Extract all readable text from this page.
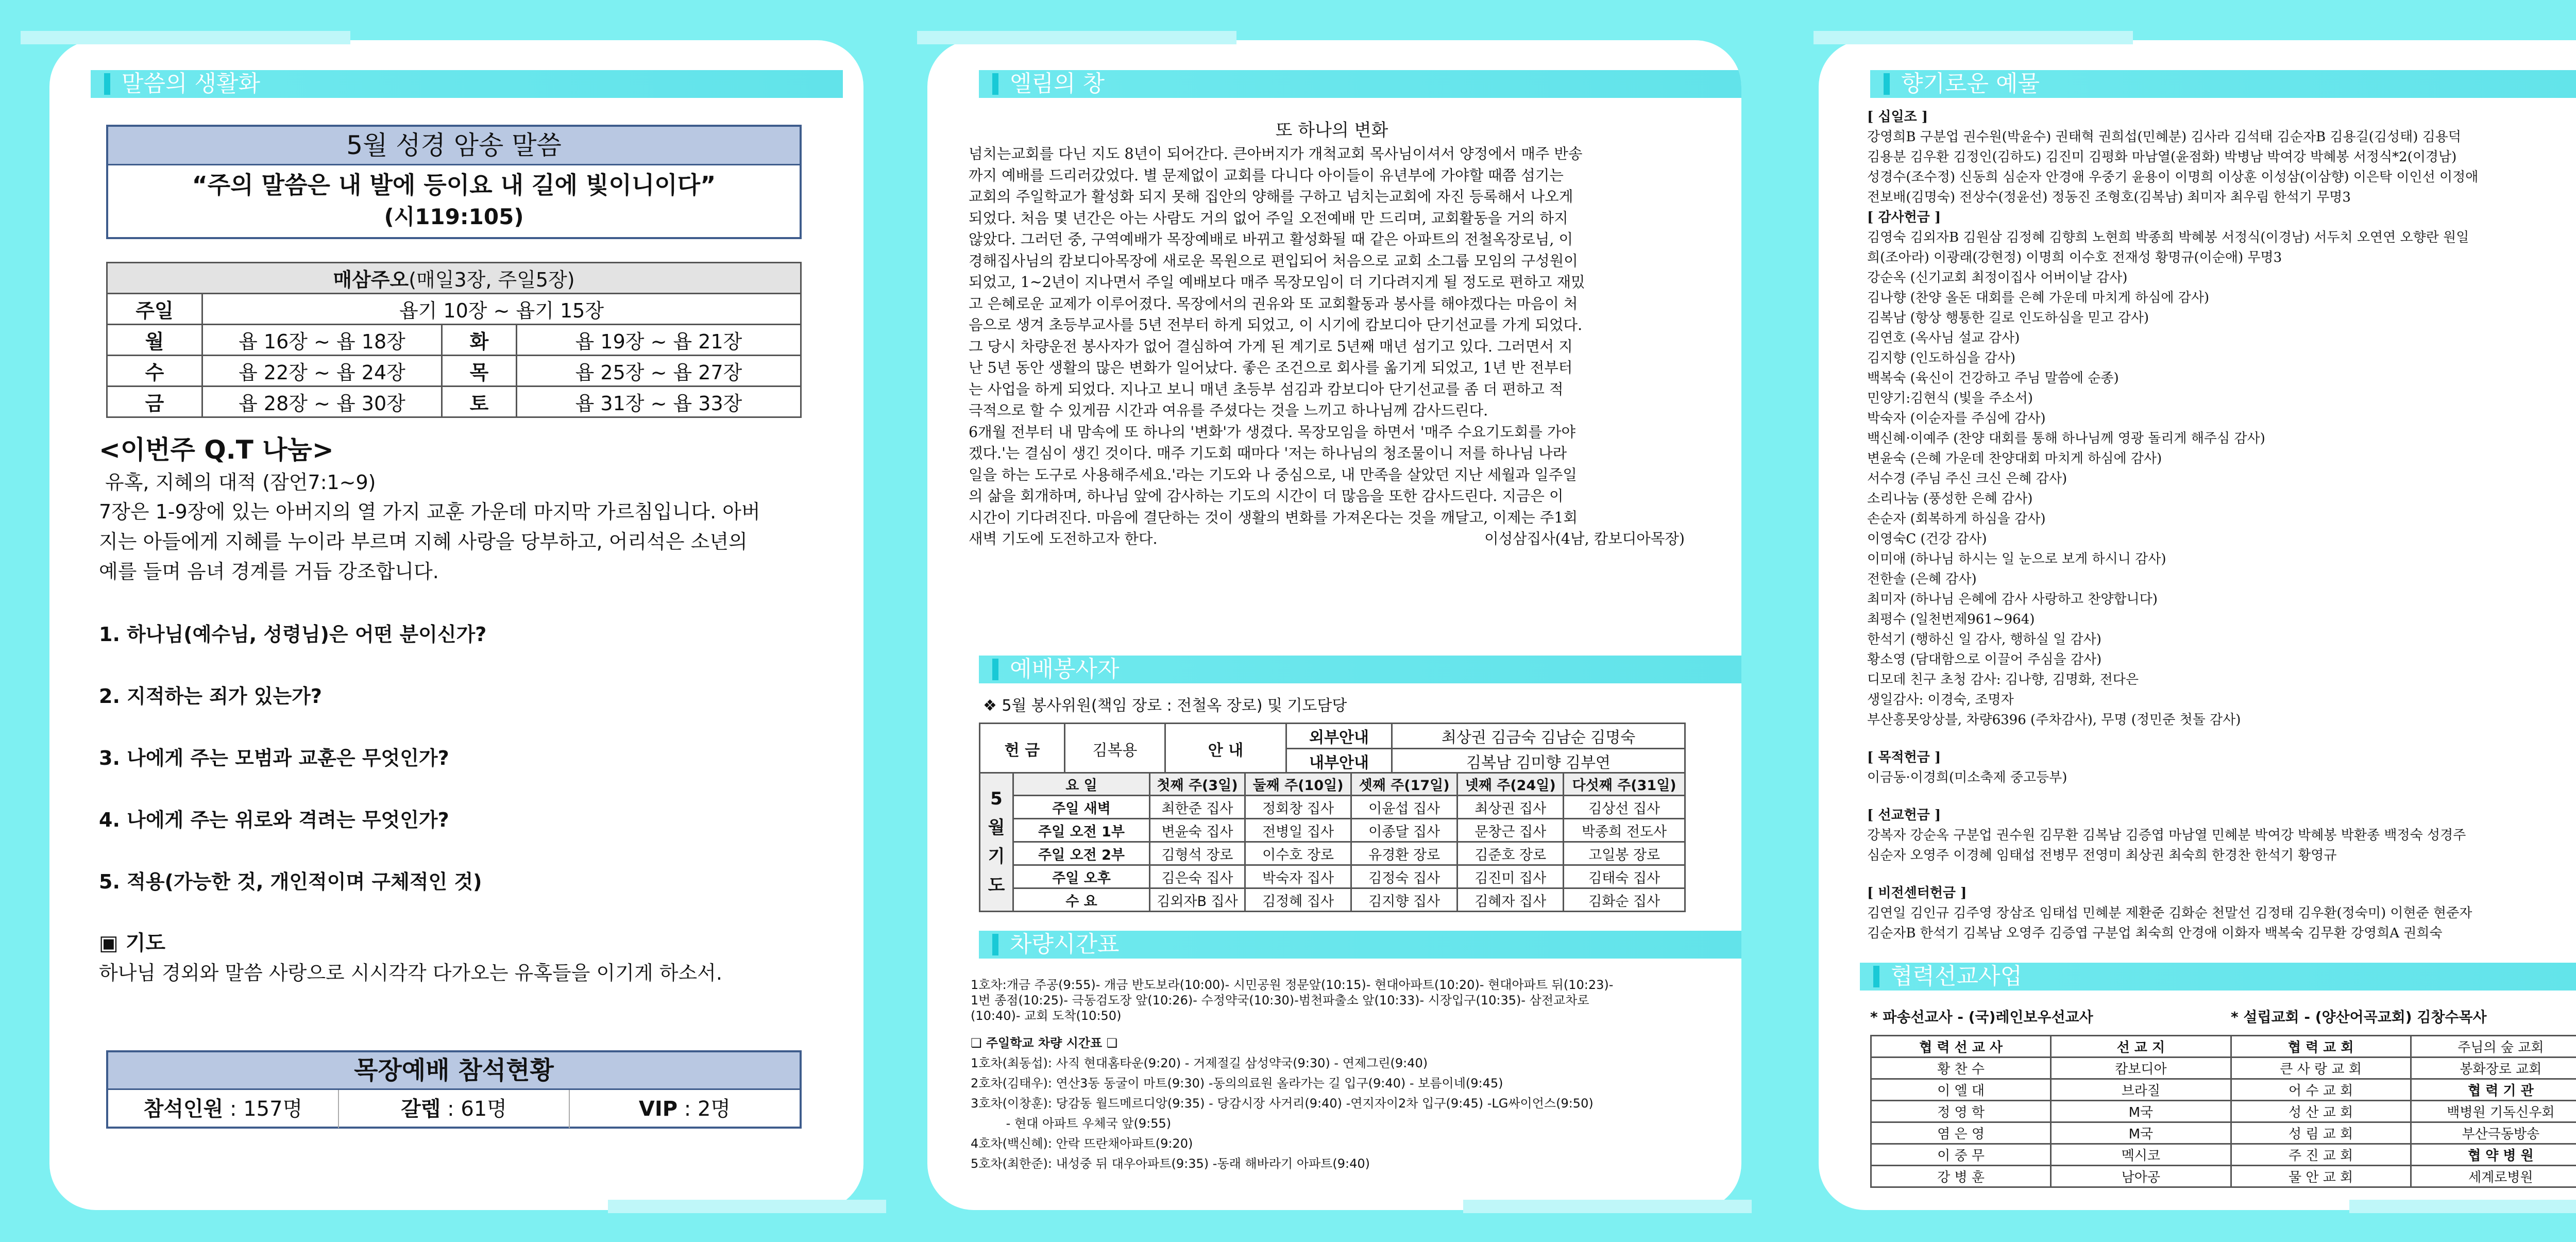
말씀의 생활화
5월 성경 암송 말씀
“주의 말씀은 내 발에 등이요 내 길에 빛이니이다”
(시119:105)
매삼주오(매일3장, 주일5장)			
주일	욥기 10장 ~ 욥기 15장		
월	욥 16장 ~ 욥 18장	화	욥 19장 ~ 욥 21장
수	욥 22장 ~ 욥 24장	목	욥 25장 ~ 욥 27장
금	욥 28장 ~ 욥 30장	토	욥 31장 ~ 욥 33장
<이번주 Q.T 나눔>
유혹, 지혜의 대적 (잠언7:1~9)
7장은 1-9장에 있는 아버지의 열 가지 교훈 가운데 마지막 가르침입니다. 아버
지는 아들에게 지혜를 누이라 부르며 지혜 사랑을 당부하고, 어리석은 소년의
예를 들며 음녀 경계를 거듭 강조합니다.
1. 하나님(예수님, 성령님)은 어떤 분이신가?
2. 지적하는 죄가 있는가?
3. 나에게 주는 모범과 교훈은 무엇인가?
4. 나에게 주는 위로와 격려는 무엇인가?
5. 적용(가능한 것, 개인적이며 구체적인 것)
▣ 기도
하나님 경외와 말씀 사랑으로 시시각각 다가오는 유혹들을 이기게 하소서.
목장예배 참석현황
참석인원 : 157명	갈렙 : 61명	VIP : 2명
엘림의 창
또 하나의 변화
넘치는교회를 다닌 지도 8년이 되어간다. 큰아버지가 개척교회 목사님이셔서 양정에서 매주 반송
까지 예배를 드리러갔었다. 별 문제없이 교회를 다니다 아이들이 유년부에 가야할 때쯤 섬기는
교회의 주일학교가 활성화 되지 못해 집안의 양해를 구하고 넘치는교회에 자진 등록해서 나오게
되었다. 처음 몇 년간은 아는 사람도 거의 없어 주일 오전예배 만 드리며, 교회활동을 거의 하지
않았다. 그러던 중, 구역예배가 목장예배로 바뀌고 활성화될 때 같은 아파트의 전철옥장로님, 이
경해집사님의 캄보디아목장에 새로운 목원으로 편입되어 처음으로 교회 소그룹 모임의 구성원이
되었고, 1~2년이 지나면서 주일 예배보다 매주 목장모임이 더 기다려지게 될 정도로 편하고 재밌
고 은혜로운 교제가 이루어졌다. 목장에서의 권유와 또 교회활동과 봉사를 해야겠다는 마음이 처
음으로 생겨 초등부교사를 5년 전부터 하게 되었고, 이 시기에 캄보디아 단기선교를 가게 되었다.
그 당시 차량운전 봉사자가 없어 결심하여 가게 된 계기로 5년째 매년 섬기고 있다. 그러면서 지
난 5년 동안 생활의 많은 변화가 일어났다. 좋은 조건으로 회사를 옮기게 되었고, 1년 반 전부터
는 사업을 하게 되었다. 지나고 보니 매년 초등부 섬김과 캄보디아 단기선교를 좀 더 편하고 적
극적으로 할 수 있게끔 시간과 여유를 주셨다는 것을 느끼고 하나님께 감사드린다.
6개월 전부터 내 맘속에 또 하나의 '변화'가 생겼다. 목장모임을 하면서 '매주 수요기도회를 가야
겠다.'는 결심이 생긴 것이다. 매주 기도회 때마다 '저는 하나님의 청조물이니 저를 하나님 나라
일을 하는 도구로 사용해주세요.'라는 기도와 나 중심으로, 내 만족을 살았던 지난 세월과 일주일
의 삶을 회개하며, 하나님 앞에 감사하는 기도의 시간이 더 많음을 또한 감사드린다. 지금은 이
시간이 기다려진다. 마음에 결단하는 것이 생활의 변화를 가져온다는 것을 깨달고, 이제는 주1회
새벽 기도에 도전하고자 한다.	이성삼집사(4남, 캄보디아목장)
예배봉사자
❖ 5월 봉사위원(책임 장로 : 전철옥 장로) 및 기도담당
헌 금	김복용	안 내	외부안내	최상권 김금숙 김남순 김명숙
			내부안내	김복남 김미향 김부연
5
월
기
도	요 일	첫째 주(3일)	둘째 주(10일)	셋째 주(17일)	넷째 주(24일)	다섯째 주(31일)
	주일 새벽	최한준 집사	정회창 집사	이윤섭 집사	최상권 집사	김상선 집사
	주일 오전 1부	변윤숙 집사	전병일 집사	이종달 집사	문창근 집사	박종희 전도사
	주일 오전 2부	김형석 장로	이수호 장로	유경환 장로	김준호 장로	고일봉 장로
	주일 오후	김은숙 집사	박숙자 집사	김정숙 집사	김진미 집사	김태숙 집사
	수 요	김외자B 집사	김정혜 집사	김지향 집사	김혜자 집사	김화순 집사
차량시간표
1호차:개금 주공(9:55)- 개금 반도보라(10:00)- 시민공원 정문앞(10:15)- 현대아파트(10:20)- 현대아파트 뒤(10:23)-
1번 종점(10:25)- 극동검도장 앞(10:26)- 수정약국(10:30)-범천파출소 앞(10:33)- 시장입구(10:35)- 삼전교차로
(10:40)- 교회 도착(10:50)
❏ 주일학교 차량 시간표 ❏
1호차(최동섭): 사직 현대홈타운(9:20) - 거제절길 삼성약국(9:30) - 연제그린(9:40)
2호차(김태우): 연산3동 동굴이 마트(9:30) -동의의료원 올라가는 길 입구(9:40) - 보름이네(9:45)
3호차(이창훈): 당감동 월드메르디앙(9:35) - 당감시장 사거리(9:40) -연지자이2차 입구(9:45) -LG싸이언스(9:50)
- 현대 아파트 우체국 앞(9:55)
4호차(백신혜): 안락 뜨란채아파트(9:20)
5호차(최한준): 내성중 뒤 대우아파트(9:35) -동래 해바라기 아파트(9:40)
향기로운 예물
[ 십일조 ]
강영희B 구분업 권수원(박윤수) 권태혁 권희섭(민혜분) 김사라 김석태 김순자B 김용길(김성태) 김용덕
김용분 김우환 김정인(김하도) 김진미 김평화 마남열(윤점화) 박병남 박여강 박혜봉 서정식*2(이경남)
성경수(조수정) 신동희 심순자 안경애 우중기 윤용이 이명희 이상훈 이성삼(이삼향) 이은탁 이인선 이정애
전보배(김명숙) 전상수(정윤선) 정동진 조형호(김복남) 최미자 최우림 한석기 무명3
[ 감사헌금 ]
김영숙 김외자B 김원삼 김정혜 김향희 노현희 박종희 박혜봉 서정식(이경남) 서두치 오연연 오향란 원일
희(조아라) 이광래(강현정) 이명희 이수호 전재성 황명규(이순애) 무명3
강순옥 (신기교회 최정이집사 어버이날 감사)
김나향 (찬양 올돈 대회를 은혜 가운데 마치게 하심에 감사)
김복남 (항상 행통한 길로 인도하심을 믿고 감사)
김연호 (옥사님 설교 감사)
김지향 (인도하심을 감사)
백복숙 (육신이 건강하고 주님 말씀에 순종)
민양기:김현식 (빛을 주소서)
박숙자 (이순자를 주심에 감사)
백신혜·이예주 (찬양 대회를 통해 하나님께 영광 돌리게 해주심 감사)
변윤숙 (은혜 가운데 찬양대회 마치게 하심에 감사)
서수경 (주님 주신 크신 은혜 감사)
소리나눔 (풍성한 은혜 감사)
손순자 (회복하게 하심을 감사)
이영숙C (건강 감사)
이미애 (하나님 하시는 일 눈으로 보게 하시니 감사)
전한솔 (은혜 감사)
최미자 (하나님 은혜에 감사 사랑하고 찬양합니다)
최평수 (일천번제961~964)
한석기 (행하신 일 감사, 행하실 일 감사)
황소영 (담대함으로 이끌어 주심을 감사)
디모데 친구 초청 감사: 김나향, 김명화, 전다은
생일감사: 이경숙, 조명자
부산흥못앙상블, 차량6396 (주차감사), 무명 (정민준 첫돌 감사)
[ 목적헌금 ]
이금동·이경희(미소축제 중고등부)
[ 선교헌금 ]
강복자 강순옥 구분업 권수원 김무환 김복남 김증엽 마남열 민혜분 박여강 박혜봉 박환종 백정숙 성경주
심순자 오영주 이경혜 임태섭 전병무 전영미 최상권 최숙희 한경찬 한석기 황영규
[ 비전센터헌금 ]
김연일 김인규 김주영 장삼조 임태섭 민혜분 제환준 김화순 천말선 김정태 김우환(정숙미) 이현준 현준자
김순자B 한석기 김복남 오영주 김증엽 구분업 최숙희 안경애 이화자 백복숙 김무환 강영희A 권희숙
협력선교사업
* 파송선교사 - (국)레인보우선교사	* 설립교회 - (양산어곡교회) 김창수목사
협 력 선 교 사	선 교 지	협 력 교 회	주님의 숲 교회
황 찬 수	캄보디아	큰 사 랑 교 회	봉화장로 교회
이 엘 대	브라질	어 수 교 회	협 력 기 관
정 영 학	M국	성 산 교 회	백병원 기독신우회
염 은 영	M국	성 림 교 회	부산극동방송
이 중 무	멕시코	주 진 교 회	협 약 병 원
강 병 훈	남아공	물 안 교 회	세계로병원
